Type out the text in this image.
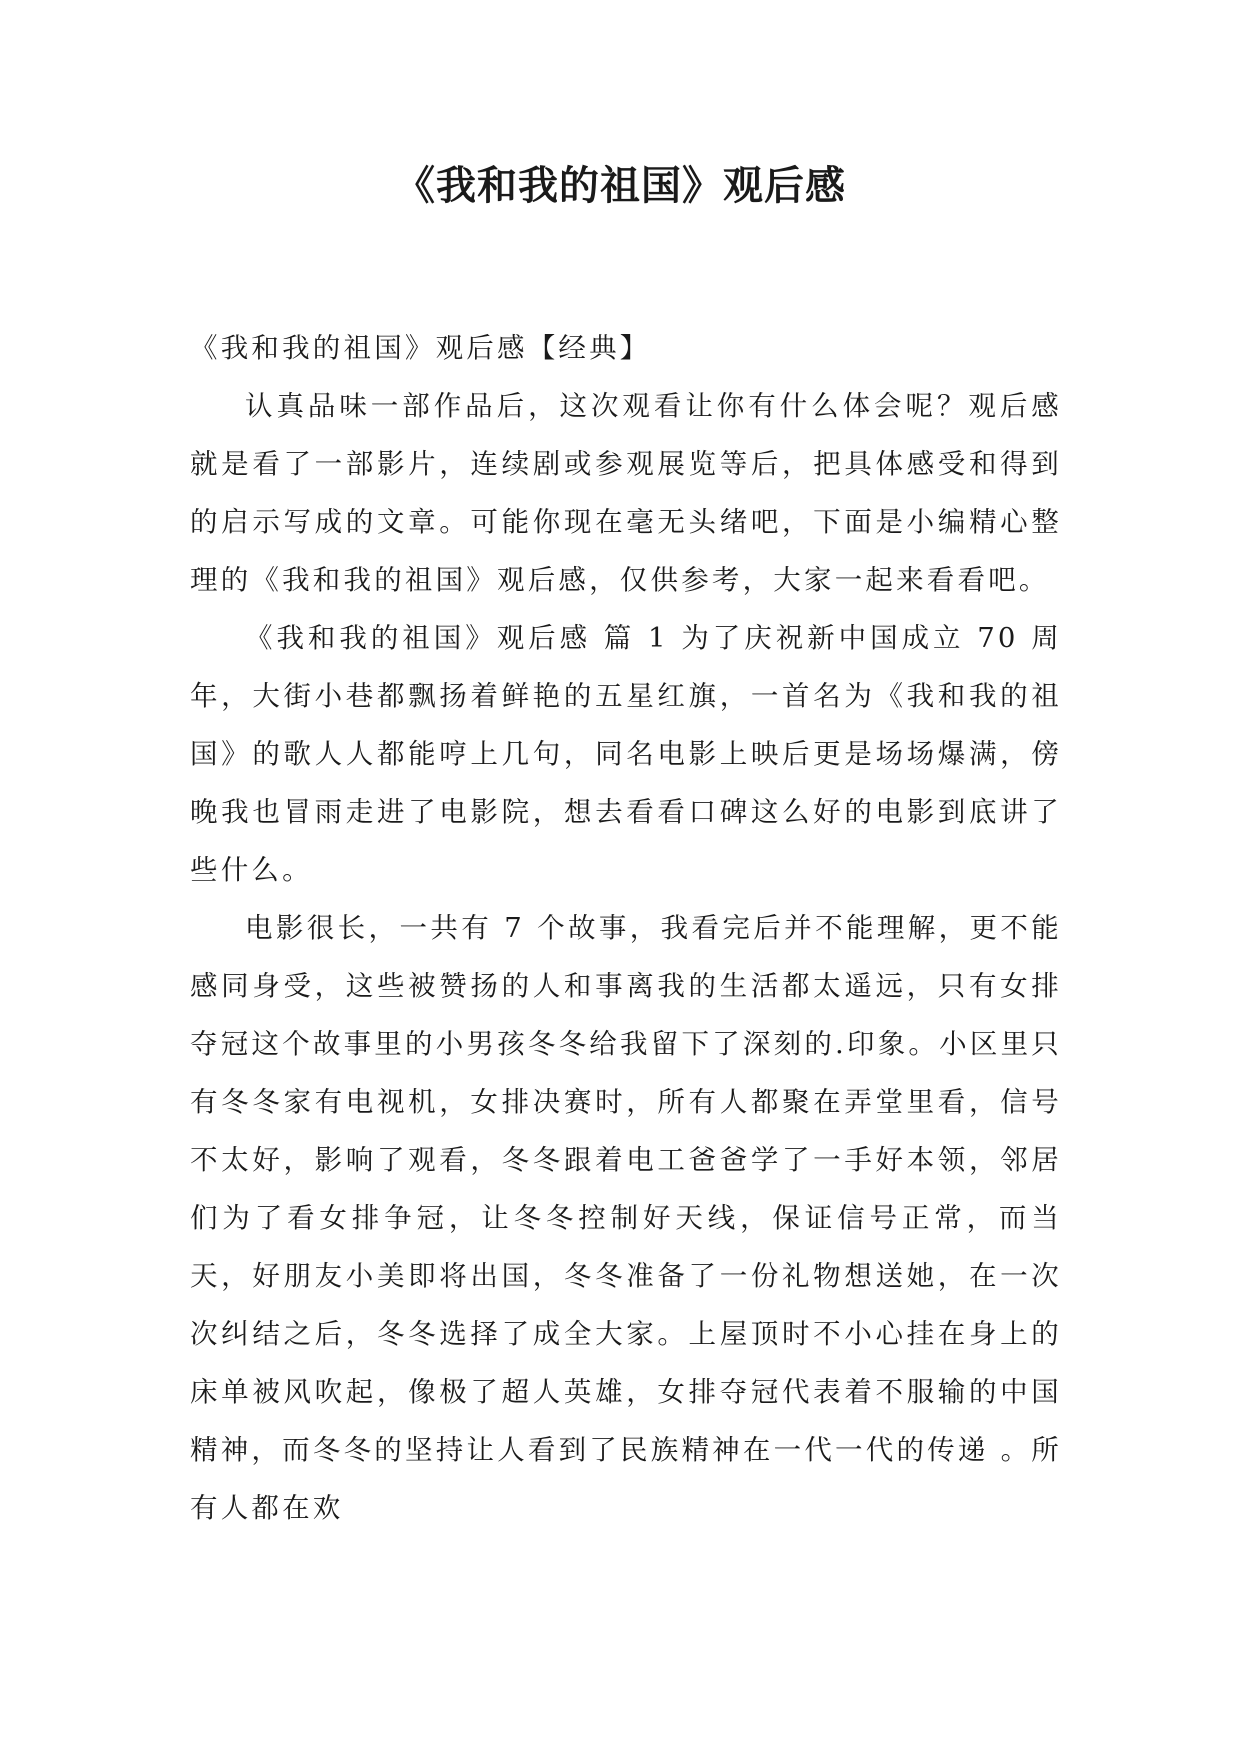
《我和我的祖国》观后感

《我和我的祖国》观后感【经典】

认真品味一部作品后，这次观看让你有什么体会呢？观后感就是看了一部影片，连续剧或参观展览等后，把具体感受和得到的启示写成的文章。可能你现在毫无头绪吧，下面是小编精心整理的《我和我的祖国》观后感，仅供参考，大家一起来看看吧。

《我和我的祖国》观后感 篇 1 为了庆祝新中国成立 70 周年，大街小巷都飘扬着鲜艳的五星红旗，一首名为《我和我的祖国》的歌人人都能哼上几句，同名电影上映后更是场场爆满，傍晚我也冒雨走进了电影院，想去看看口碑这么好的电影到底讲了些什么。

电影很长，一共有 7 个故事，我看完后并不能理解，更不能感同身受，这些被赞扬的人和事离我的生活都太遥远，只有女排夺冠这个故事里的小男孩冬冬给我留下了深刻的.印象。小区里只有冬冬家有电视机，女排决赛时，所有人都聚在弄堂里看，信号不太好，影响了观看，冬冬跟着电工爸爸学了一手好本领，邻居们为了看女排争冠，让冬冬控制好天线，保证信号正常，而当天，好朋友小美即将出国，冬冬准备了一份礼物想送她，在一次次纠结之后，冬冬选择了成全大家。上屋顶时不小心挂在身上的床单被风吹起，像极了超人英雄，女排夺冠代表着不服输的中国精神，而冬冬的坚持让人看到了民族精神在一代一代的传递 。所有人都在欢
